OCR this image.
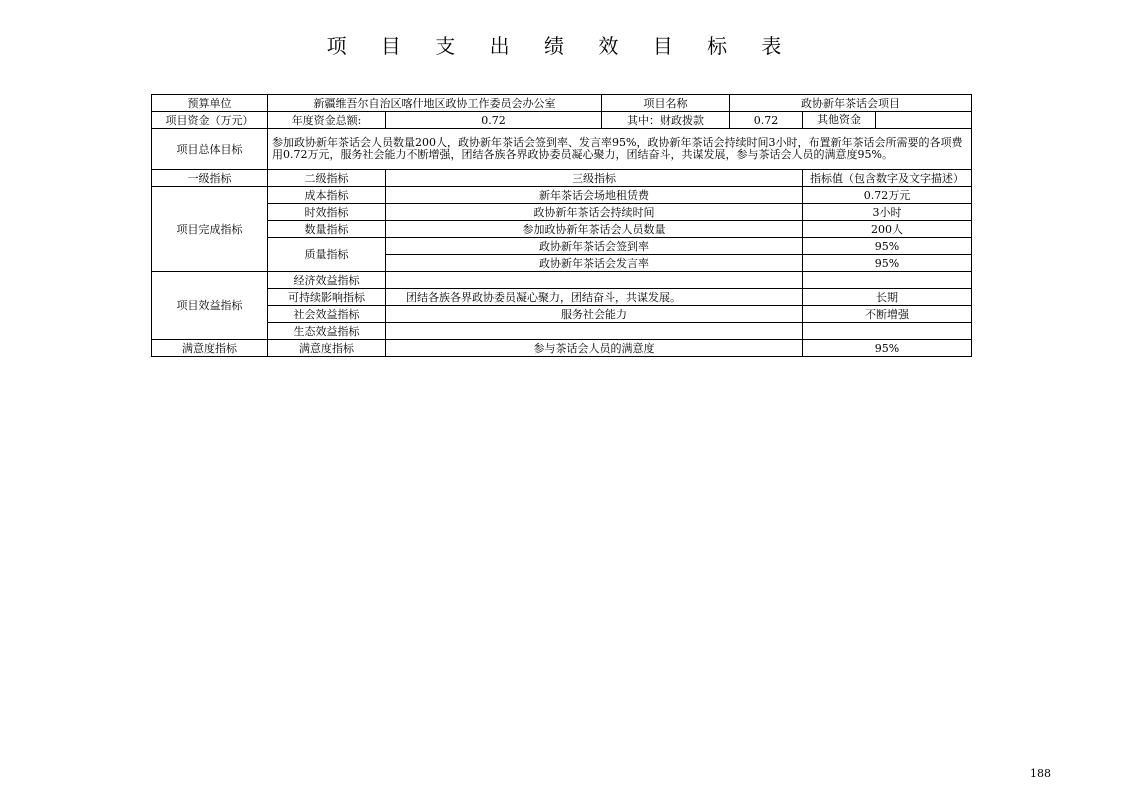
项 目 支 出 绩 效 目 标 表
预算单位	新疆维吾尔自治区喀什地区政协工作委员会办公室		项目名称	政协新年茶话会项目	
项目资金（万元）	年度资金总额:	0.72	其中：财政拨款	0.72	其他资金

项目总体目标	参加政协新年茶话会人员数量200人，政协新年茶话会签到率、发言率95%，政协新年茶话会持续时间3小时，布置新年茶话会所需要的各项费用0.72万元，服务社会能力不断增强，团结各族各界政协委员凝心聚力，团结奋斗，共谋发展，参与茶话会人员的满意度95%。				
一级指标	二级指标	三级指标			指标值（包含数字及文字描述）
项目完成指标	成本指标	新年茶话会场地租赁费			0.72万元
	时效指标	政协新年茶话会持续时间			3小时
	数量指标	参加政协新年茶话会人员数量			200人
	质量指标	政协新年茶话会签到率			95%
		政协新年茶话会发言率			95%
项目效益指标	经济效益指标				
	可持续影响指标	团结各族各界政协委员凝心聚力，团结奋斗，共谋发展。			长期
	社会效益指标	服务社会能力			不断增强
	生态效益指标				
满意度指标	满意度指标	参与茶话会人员的满意度			95%
188
